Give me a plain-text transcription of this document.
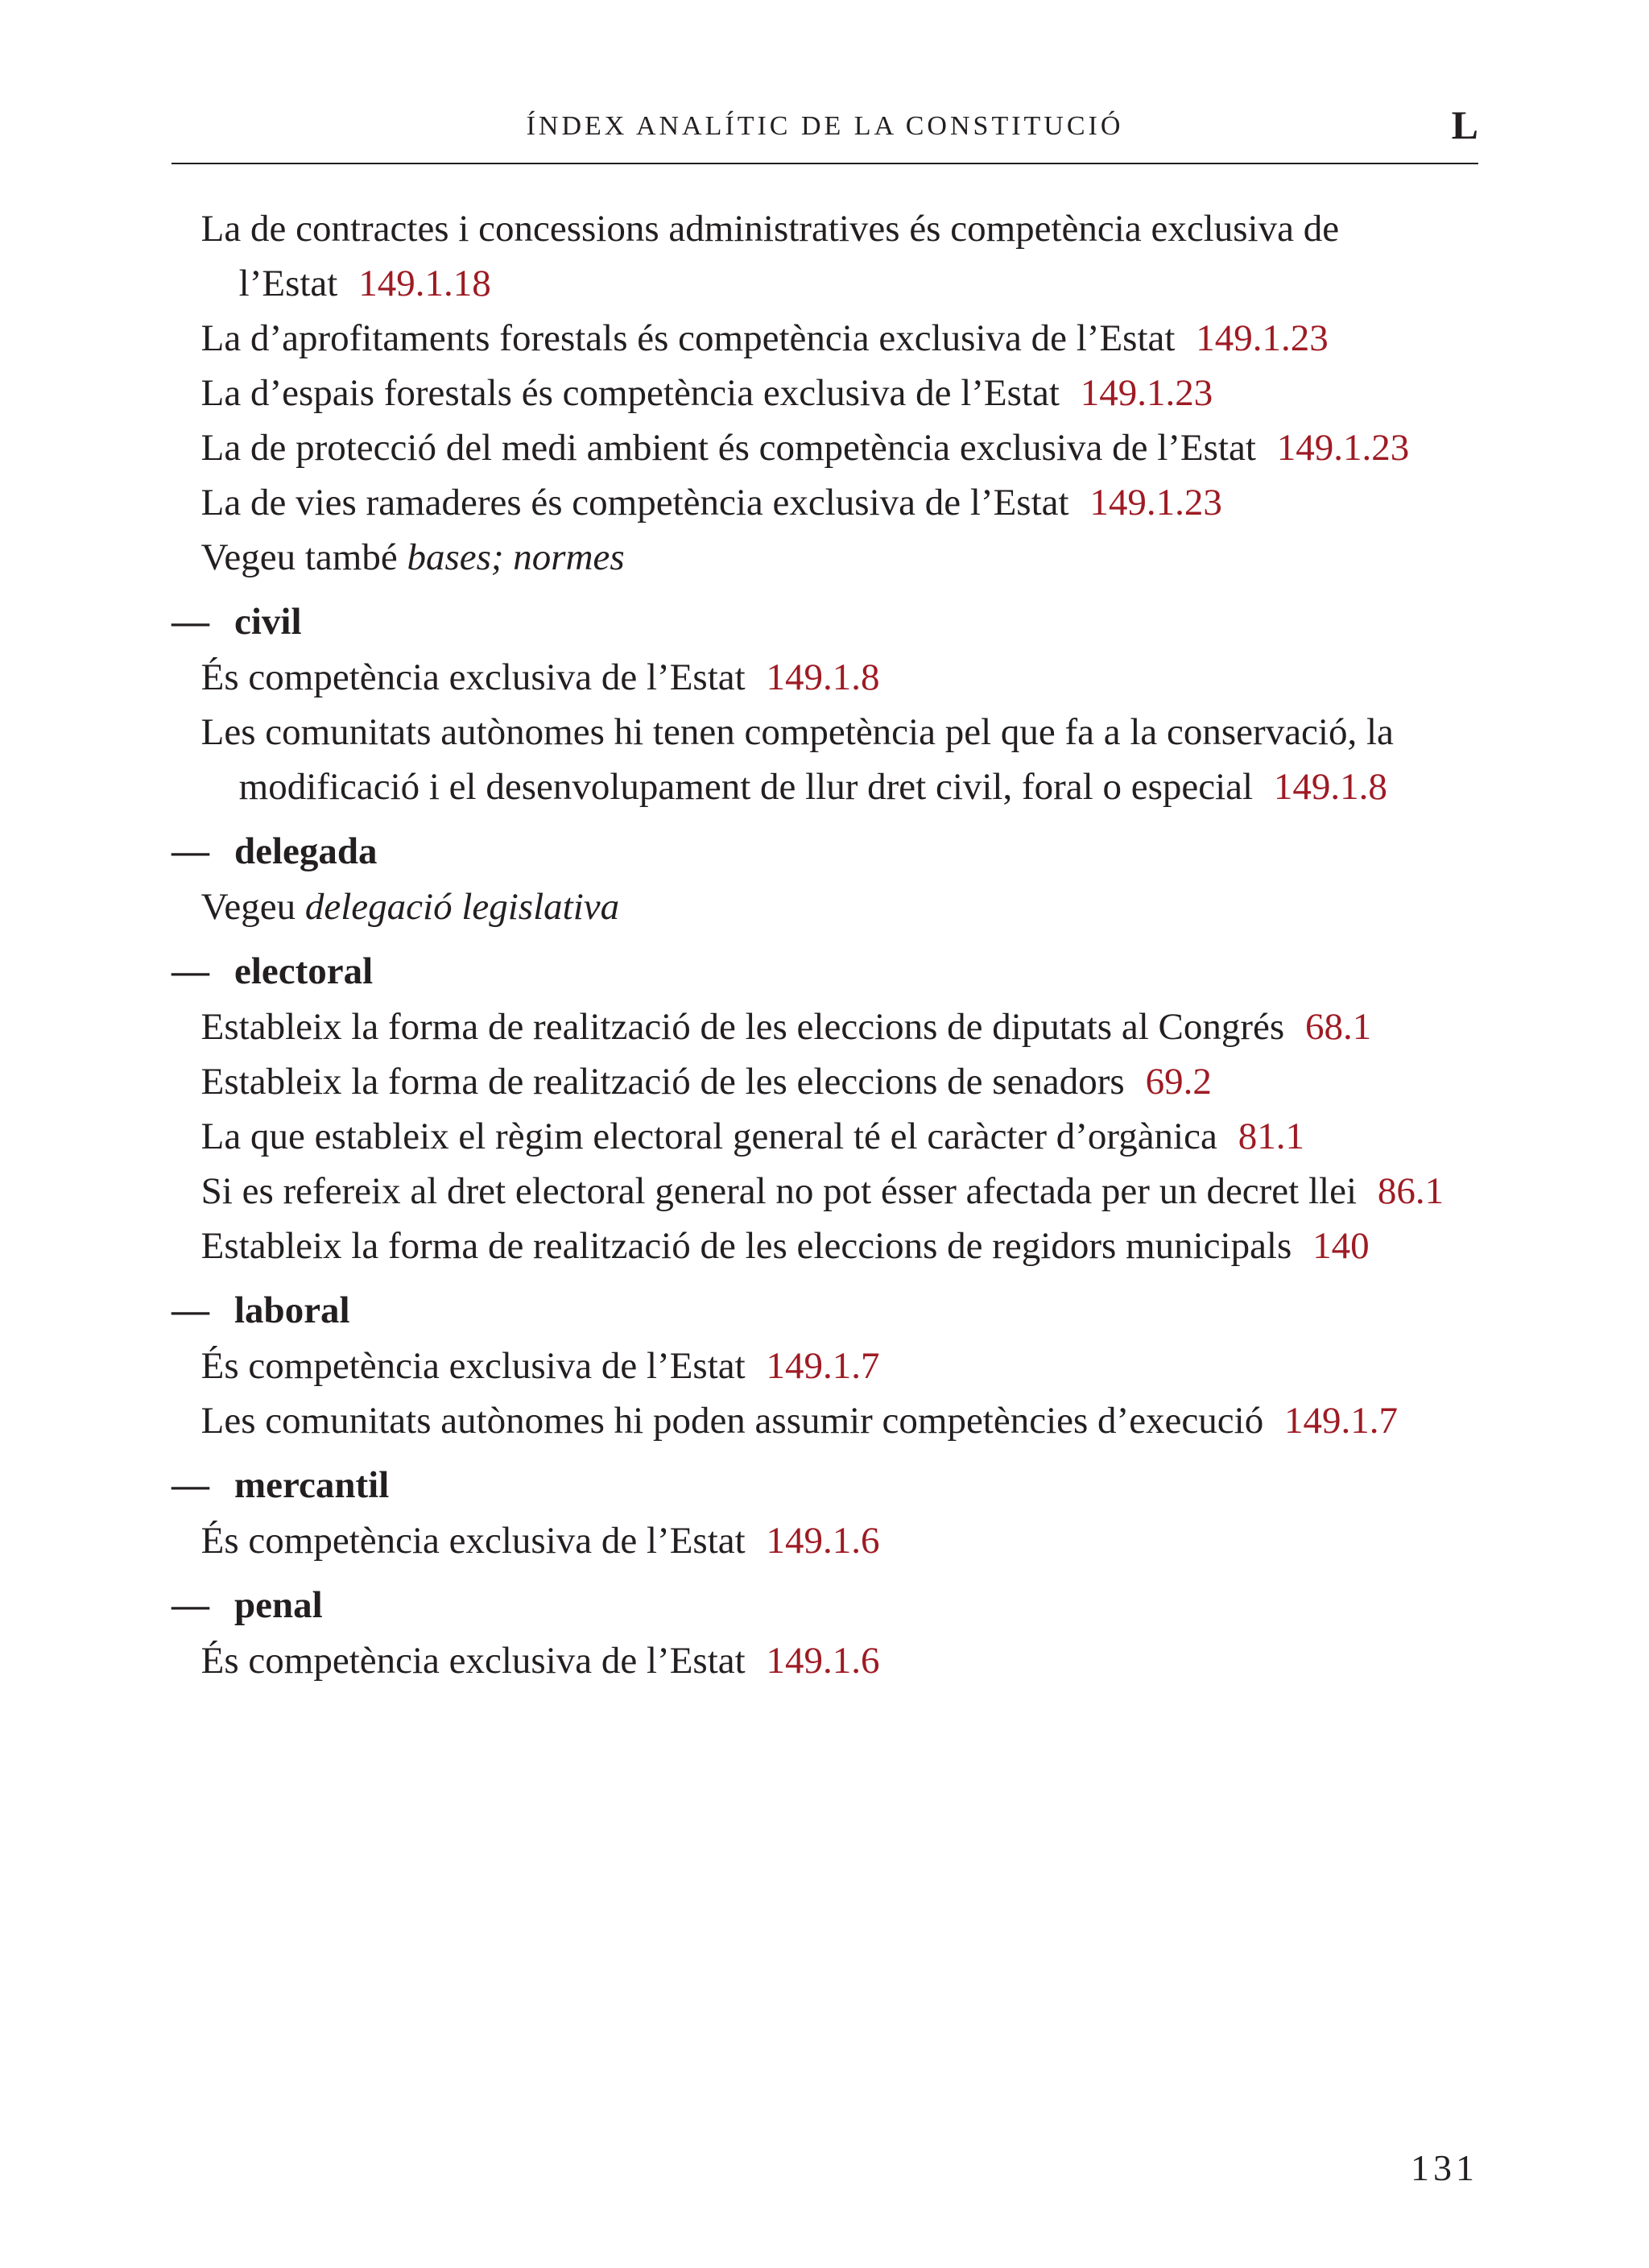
ÍNDEX ANALÍTIC DE LA CONSTITUCIÓ	L
La de contractes i concessions administratives és competència exclusiva de l’Estat 149.1.18
La d’aprofitaments forestals és competència exclusiva de l’Estat 149.1.23
La d’espais forestals és competència exclusiva de l’Estat 149.1.23
La de protecció del medi ambient és competència exclusiva de l’Estat 149.1.23
La de vies ramaderes és competència exclusiva de l’Estat 149.1.23
Vegeu també bases; normes
— civil
És competència exclusiva de l’Estat 149.1.8
Les comunitats autònomes hi tenen competència pel que fa a la conservació, la modificació i el desenvolupament de llur dret civil, foral o especial 149.1.8
— delegada
Vegeu delegació legislativa
— electoral
Estableix la forma de realització de les eleccions de diputats al Congrés 68.1
Estableix la forma de realització de les eleccions de senadors 69.2
La que estableix el règim electoral general té el caràcter d’orgànica 81.1
Si es refereix al dret electoral general no pot ésser afectada per un decret llei 86.1
Estableix la forma de realització de les eleccions de regidors municipals 140
— laboral
És competència exclusiva de l’Estat 149.1.7
Les comunitats autònomes hi poden assumir competències d’execució 149.1.7
— mercantil
És competència exclusiva de l’Estat 149.1.6
— penal
És competència exclusiva de l’Estat 149.1.6
131
